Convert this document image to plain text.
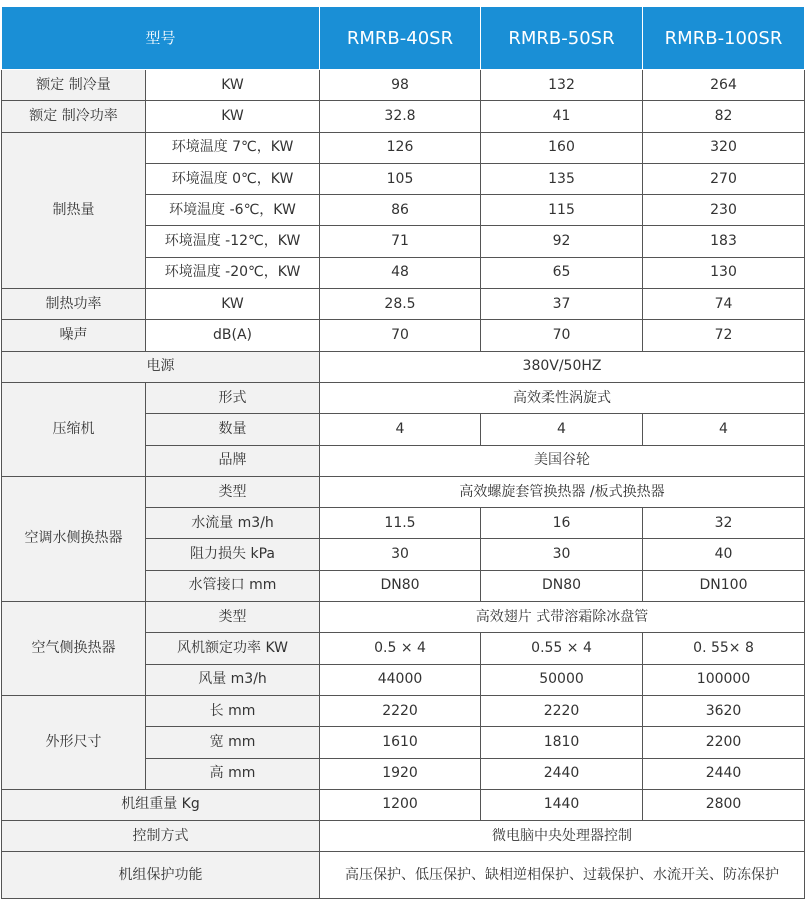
型号		RMRB-40SR	RMRB-50SR	RMRB-100SR
额定 制冷量	KW	98	132	264
额定 制冷功率	KW	32.8	41	82
制热量	环境温度 7℃，KW	126	160	320
	环境温度 0℃，KW	105	135	270
	环境温度 -6℃，KW	86	115	230
	环境温度 -12℃，KW	71	92	183
	环境温度 -20℃，KW	48	65	130
制热功率	KW	28.5	37	74
噪声	dB(A)	70	70	72
电源		380V/50HZ		
压缩机	形式	高效柔性涡旋式		
	数量	4	4	4
	品牌	美国谷轮		
空调水侧换热器	类型	高效螺旋套管换热器 /板式换热器		
	水流量 m3/h	11.5	16	32
	阻力损失 kPa	30	30	40
	水管接口 mm	DN80	DN80	DN100
空气侧换热器	类型	高效翅片 式带溶霜除冰盘管		
	风机额定功率 KW	0.5 × 4	0.55 × 4	0. 55× 8
	风量 m3/h	44000	50000	100000
外形尺寸	长 mm	2220	2220	3620
	宽 mm	1610	1810	2200
	高 mm	1920	2440	2440
机组重量 Kg		1200	1440	2800
控制方式		微电脑中央处理器控制		
机组保护功能		高压保护、低压保护、缺相逆相保护、过载保护、水流开关、防冻保护		
